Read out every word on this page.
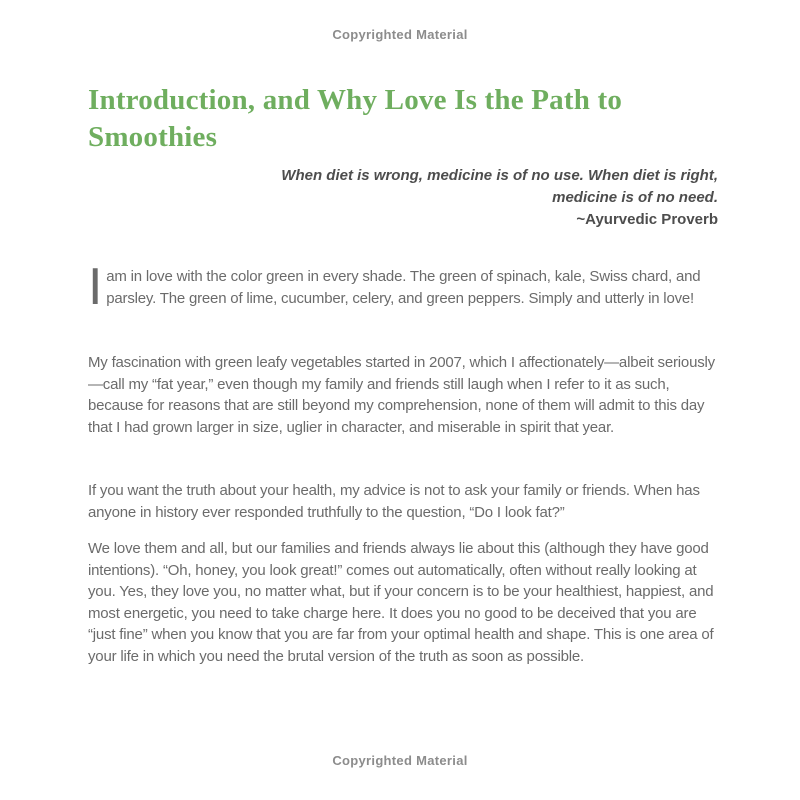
Copyrighted Material
Introduction, and Why Love Is the Path to
Smoothies
When diet is wrong, medicine is of no use. When diet is right,
medicine is of no need.
~Ayurvedic Proverb

Iam in love with the color green in every shade. The green of spinach, kale, Swiss chard, and parsley. The green of lime, cucumber, celery, and green peppers. Simply and utterly in love!

My fascination with green leafy vegetables started in 2007, which I affectionately—albeit seriously—call my “fat year,” even though my family and friends still laugh when I refer to it as such, because for reasons that are still beyond my comprehension, none of them will admit to this day that I had grown larger in size, uglier in character, and miserable in spirit that year.

If you want the truth about your health, my advice is not to ask your family or friends. When has anyone in history ever responded truthfully to the question, “Do I look fat?”

We love them and all, but our families and friends always lie about this (although they have good intentions). “Oh, honey, you look great!” comes out automatically, often without really looking at you. Yes, they love you, no matter what, but if your concern is to be your healthiest, happiest, and most energetic, you need to take charge here. It does you no good to be deceived that you are “just fine” when you know that you are far from your optimal health and shape. This is one area of your life in which you need the brutal version of the truth as soon as possible.

Copyrighted Material
